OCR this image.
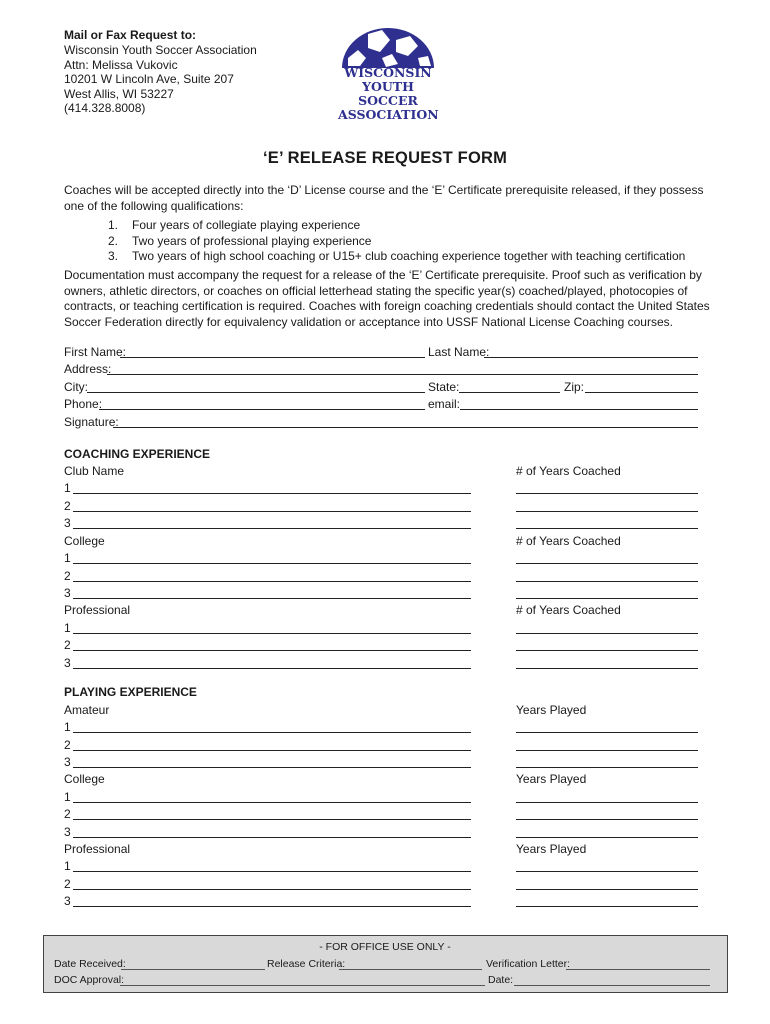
Mail or Fax Request to:
Wisconsin Youth Soccer Association
Attn: Melissa Vukovic
10201 W Lincoln Ave, Suite 207
West Allis, WI 53227
(414.328.8008)
WISCONSIN
YOUTH
SOCCER
ASSOCIATION
‘E’ RELEASE REQUEST FORM
Coaches will be accepted directly into the ‘D’ License course and the ‘E’ Certificate prerequisite released, if they possess one of the following qualifications:
1.	Four years of collegiate playing experience
2.	Two years of professional playing experience
3.	Two years of high school coaching or U15+ club coaching experience together with teaching certification
Documentation must accompany the request for a release of the ‘E’ Certificate prerequisite. Proof such as verification by owners, athletic directors, or coaches on official letterhead stating the specific year(s) coached/played, photocopies of contracts, or teaching certification is required. Coaches with foreign coaching credentials should contact the United States Soccer Federation directly for equivalency validation or acceptance into USSF National License Coaching courses.
First Name:	Last Name:
Address:
City:	State:	Zip:
Phone:	email:
Signature:
COACHING EXPERIENCE
Club Name	# of Years Coached
1
2
3
College	# of Years Coached
1
2
3
Professional	# of Years Coached
1
2
3
PLAYING EXPERIENCE
Amateur	Years Played
1
2
3
College	Years Played
1
2
3
Professional	Years Played
1
2
3
- FOR OFFICE USE ONLY -
Date Received:	Release Criteria:	Verification Letter:
DOC Approval:	Date:
